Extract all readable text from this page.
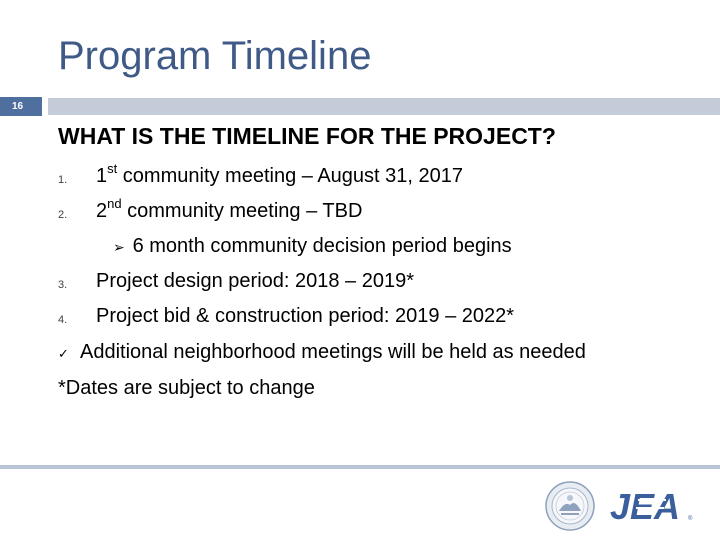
Program Timeline
16
WHAT IS THE TIMELINE FOR THE PROJECT?
1. 1st community meeting – August 31, 2017
2. 2nd community meeting – TBD
➢ 6 month community decision period begins
3. Project design period: 2018 – 2019*
4. Project bid & construction period: 2019 – 2022*
✓ Additional neighborhood meetings will be held as needed
*Dates are subject to change
JEA ®
